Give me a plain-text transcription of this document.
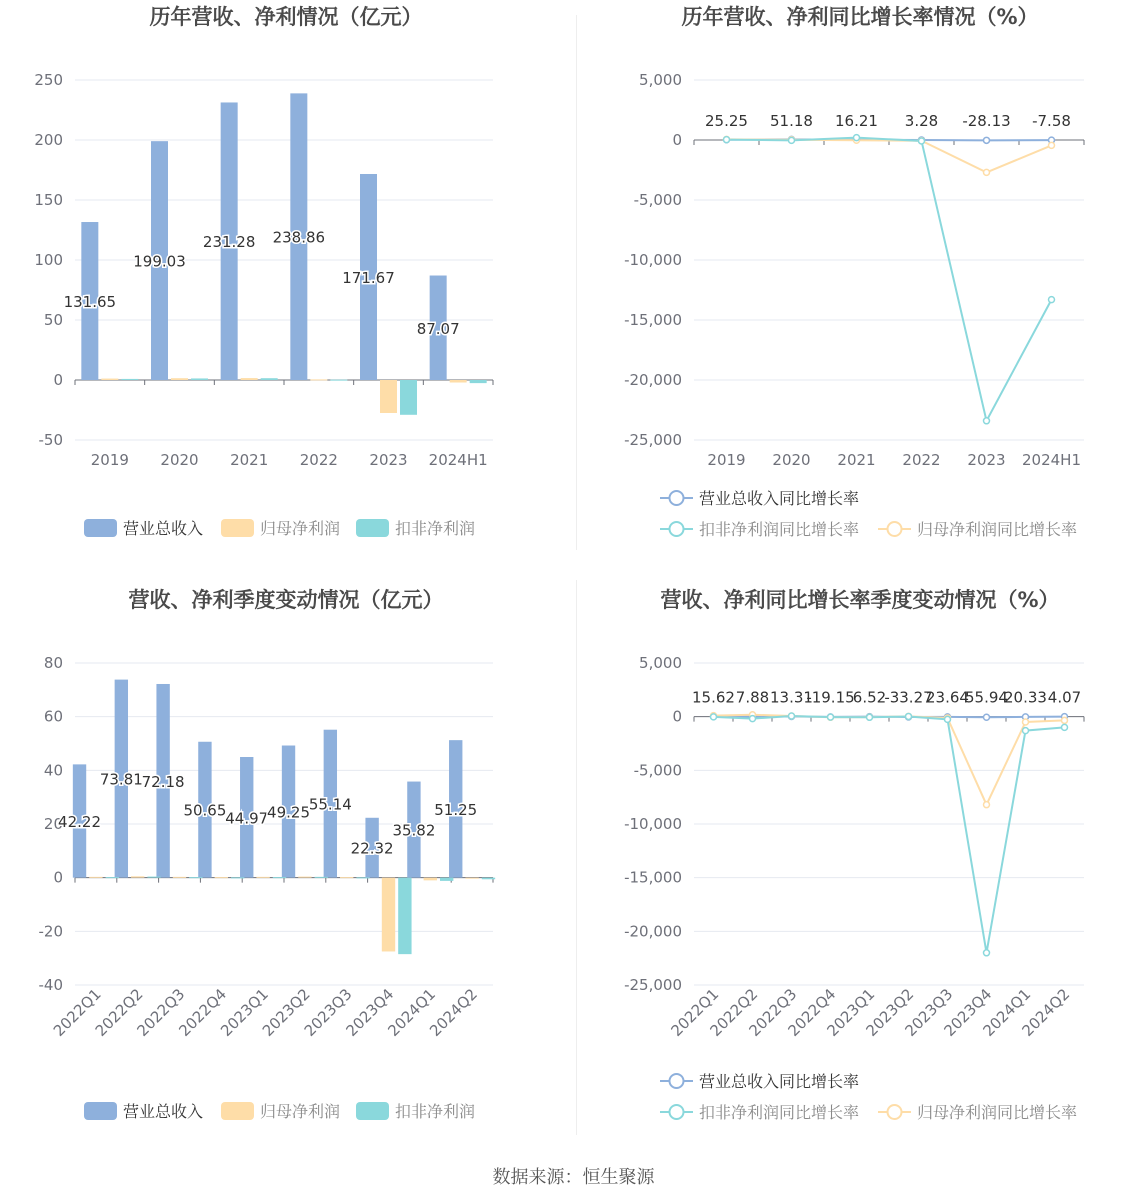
历年营收、净利情况（亿元）
250
200
150
100
50
0
-50
2019 2020 2021 2022 2023 2024H1
131.65
199.03
231.28 238.86
171.67
87.07
营业总收入	归母净利润	扣非净利润
历年营收、净利同比增长率情况（%）
5,000
0
-5,000
-10,000
-15,000
-20,000
-25,000
2019 2020 2021 2022 2023 2024H1
25.25 51.18 16.21 3.28 -28.13 -7.58
营业总收入同比增长率
归母净利润同比增长率
扣非净利润同比增长率
营收、净利季度变动情况（亿元）
80
60
40
20
0
-20
-40
2022Q1
2022Q2
2022Q3
2022Q4
2023Q1
2023Q2
2023Q3
2023Q4
2024Q1
2024Q2
42.22
73.81
72.18
50.65
44.97
49.25
55.14
22.32
35.82
51.25
营业总收入	归母净利润	扣非净利润
营收、净利同比增长率季度变动情况（%）
5,000
0
-5,000
-10,000
-15,000
-20,000
-25,000
2022Q1
2022Q2
2022Q3
2022Q4
2023Q1
2023Q2
2023Q3
2023Q4
2024Q1
2024Q2
15.62 7.88 13.31
-19.15
6.52
-33.27
23.64
55.94
20.33 4.07
营业总收入同比增长率
归母净利润同比增长率
扣非净利润同比增长率
数据来源：恒生聚源
